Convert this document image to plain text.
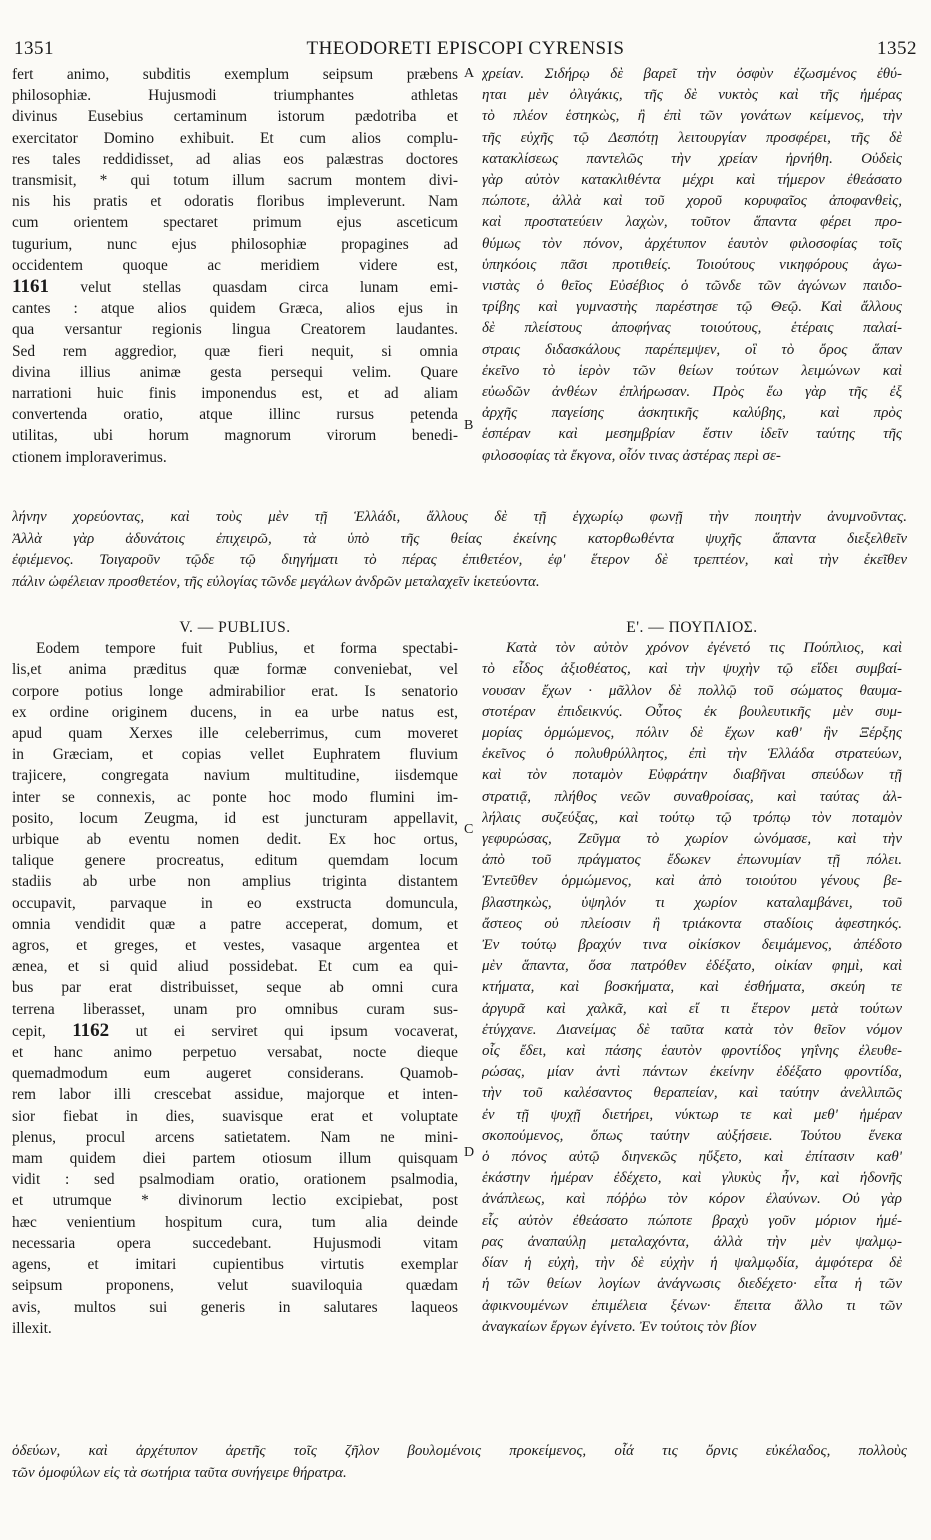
1351	THEODORETI EPISCOPI CYRENSIS	1352
A
B
C
D
fert animo, subditis exemplum seipsum præbens
philosophiæ. Hujusmodi triumphantes athletas
divinus Eusebius certaminum istorum pædotriba et
exercitator Domino exhibuit. Et cum alios complu-
res tales reddidisset, ad alias eos palæstras doctores
transmisit, * qui totum illum sacrum montem divi-
nis his pratis et odoratis floribus impleverunt. Nam
cum orientem spectaret primum ejus asceticum
tugurium, nunc ejus philosophiæ propagines ad
occidentem quoque ac meridiem videre est,
1161 velut stellas quasdam circa lunam emi-
cantes : atque alios quidem Græca, alios ejus in
qua versantur regionis lingua Creatorem laudantes.
Sed rem aggredior, quæ fieri nequit, si omnia
divina illius animæ gesta persequi velim. Quare
narrationi huic finis imponendus est, et ad aliam
convertenda oratio, atque illinc rursus petenda
utilitas, ubi horum magnorum virorum benedi-
ctionem imploraverimus.
χρείαν. Σιδήρῳ δὲ βαρεῖ τὴν ὀσφὺν ἐζωσμένος ἐθύ-
ηται μὲν ὀλιγάκις, τῆς δὲ νυκτὸς καὶ τῆς ἡμέρας
τὸ πλέον ἑστηκὼς, ἢ ἐπὶ τῶν γονάτων κείμενος, τὴν
τῆς εὐχῆς τῷ Δεσπότῃ λειτουργίαν προσφέρει, τῆς δὲ
κατακλίσεως παντελῶς τὴν χρείαν ἠρνήθη. Οὐδεὶς
γὰρ αὐτὸν κατακλιθέντα μέχρι καὶ τήμερον ἐθεάσατο
πώποτε, ἀλλὰ καὶ τοῦ χοροῦ κορυφαῖος ἀποφανθεὶς,
καὶ προστατεύειν λαχὼν, τοῦτον ἅπαντα φέρει προ-
θύμως τὸν πόνον, ἀρχέτυπον ἑαυτὸν φιλοσοφίας τοῖς
ὑπηκόοις πᾶσι προτιθείς. Τοιούτους νικηφόρους ἀγω-
νιστὰς ὁ θεῖος Εὐσέβιος ὁ τῶνδε τῶν ἀγώνων παιδο-
τρίβης καὶ γυμναστὴς παρέστησε τῷ Θεῷ. Καὶ ἄλλους
δὲ πλείστους ἀποφήνας τοιούτους, ἑτέραις παλαί-
στραις διδασκάλους παρέπεμψεν, οἳ τὸ ὄρος ἅπαν
ἐκεῖνο τὸ ἱερὸν τῶν θείων τούτων λειμώνων καὶ
εὐωδῶν ἀνθέων ἐπλήρωσαν. Πρὸς ἕω γὰρ τῆς ἐξ
ἀρχῆς παγείσης ἀσκητικῆς καλύβης, καὶ πρὸς
ἑσπέραν καὶ μεσημβρίαν ἔστιν ἰδεῖν ταύτης τῆς
φιλοσοφίας τὰ ἔκγονα, οἷόν τινας ἀστέρας περὶ σε-
λήνην χορεύοντας, καὶ τοὺς μὲν τῇ Ἑλλάδι, ἄλλους δὲ τῇ ἐγχωρίῳ φωνῇ τὴν ποιητὴν ἀνυμνοῦντας.
Ἀλλὰ γὰρ ἀδυνάτοις ἐπιχειρῶ, τὰ ὑπὸ τῆς θείας ἐκείνης κατορθωθέντα ψυχῆς ἅπαντα διεξελθεῖν
ἐφιέμενος. Τοιγαροῦν τῷδε τῷ διηγήματι τὸ πέρας ἐπιθετέον, ἐφ' ἕτερον δὲ τρεπτέον, καὶ τὴν ἐκεῖθεν
πάλιν ὠφέλειαν προσθετέον, τῆς εὐλογίας τῶνδε μεγάλων ἀνδρῶν μεταλαχεῖν ἱκετεύοντα.
V. — PUBLIUS.
Eodem tempore fuit Publius, et forma spectabi-
lis,et anima præditus quæ formæ conveniebat, vel
corpore potius longe admirabilior erat. Is senatorio
ex ordine originem ducens, in ea urbe natus est,
apud quam Xerxes ille celeberrimus, cum moveret
in Græciam, et copias vellet Euphratem fluvium
trajicere, congregata navium multitudine, iisdemque
inter se connexis, ac ponte hoc modo flumini im-
posito, locum Zeugma, id est juncturam appellavit,
urbique ab eventu nomen dedit. Ex hoc ortus,
talique genere procreatus, editum quemdam locum
stadiis ab urbe non amplius triginta distantem
occupavit, parvaque in eo exstructa domuncula,
omnia vendidit quæ a patre acceperat, domum, et
agros, et greges, et vestes, vasaque argentea et
ænea, et si quid aliud possidebat. Et cum ea qui-
bus par erat distribuisset, seque ab omni cura
terrena liberasset, unam pro omnibus curam sus-
cepit, 1162 ut ei serviret qui ipsum vocaverat,
et hanc animo perpetuo versabat, nocte dieque
quemadmodum eum augeret considerans. Quamob-
rem labor illi crescebat assidue, majorque et inten-
sior fiebat in dies, suavisque erat et voluptate
plenus, procul arcens satietatem. Nam ne mini-
mam quidem diei partem otiosum illum quisquam
vidit : sed psalmodiam oratio, orationem psalmodia,
et utrumque * divinorum lectio excipiebat, post
hæc venientium hospitum cura, tum alia deinde
necessaria opera succedebant. Hujusmodi vitam
agens, et imitari cupientibus virtutis exemplar
seipsum proponens, velut suaviloquia quædam
avis, multos sui generis in salutares laqueos
illexit.
Ε'. — ΠΟΥΠΛΙΟΣ.
Κατὰ τὸν αὐτὸν χρόνον ἐγένετό τις Πούπλιος, καὶ
τὸ εἶδος ἀξιοθέατος, καὶ τὴν ψυχὴν τῷ εἴδει συμβαί-
νουσαν ἔχων · μᾶλλον δὲ πολλῷ τοῦ σώματος θαυμα-
στοτέραν ἐπιδεικνύς. Οὗτος ἐκ βουλευτικῆς μὲν συμ-
μορίας ὁρμώμενος, πόλιν δὲ ἔχων καθ' ἣν Ξέρξης
ἐκεῖνος ὁ πολυθρύλλητος, ἐπὶ τὴν Ἑλλάδα στρατεύων,
καὶ τὸν ποταμὸν Εὐφράτην διαβῆναι σπεύδων τῇ
στρατιᾷ, πλήθος νεῶν συναθροίσας, καὶ ταύτας ἀλ-
λήλαις συζεύξας, καὶ τούτῳ τῷ τρόπῳ τὸν ποταμὸν
γεφυρώσας, Ζεῦγμα τὸ χωρίον ὠνόμασε, καὶ τὴν
ἀπὸ τοῦ πράγματος ἔδωκεν ἐπωνυμίαν τῇ πόλει.
Ἐντεῦθεν ὁρμώμενος, καὶ ἀπὸ τοιούτου γένους βε-
βλαστηκὼς, ὑψηλόν τι χωρίον καταλαμβάνει, τοῦ
ἄστεος οὐ πλείοσιν ἢ τριάκοντα σταδίοις ἀφεστηκός.
Ἐν τούτῳ βραχύν τινα οἰκίσκον δειμάμενος, ἀπέδοτο
μὲν ἅπαντα, ὅσα πατρόθεν ἐδέξατο, οἰκίαν φημὶ, καὶ
κτήματα, καὶ βοσκήματα, καὶ ἐσθήματα, σκεύη τε
ἀργυρᾶ καὶ χαλκᾶ, καὶ εἴ τι ἕτερον μετὰ τούτων
ἐτύγχανε. Διανείμας δὲ ταῦτα κατὰ τὸν θεῖον νόμον
οἷς ἔδει, καὶ πάσης ἑαυτὸν φροντίδος γηΐνης ἐλευθε-
ρώσας, μίαν ἀντὶ πάντων ἐκείνην ἐδέξατο φροντίδα,
τὴν τοῦ καλέσαντος θεραπείαν, καὶ ταύτην ἀνελλιπῶς
ἐν τῇ ψυχῇ διετήρει, νύκτωρ τε καὶ μεθ' ἡμέραν
σκοπούμενος, ὅπως ταύτην αὐξήσειε. Τούτου ἕνεκα
ὁ πόνος αὐτῷ διηνεκῶς ηὔξετο, καὶ ἐπίτασιν καθ'
ἑκάστην ἡμέραν ἐδέχετο, καὶ γλυκὺς ἦν, καὶ ἡδονῆς
ἀνάπλεως, καὶ πόῤῥω τὸν κόρον ἐλαύνων. Οὐ γὰρ
εἶς αὐτὸν ἐθεάσατο πώποτε βραχὺ γοῦν μόριον ἡμέ-
ρας ἀναπαύλῃ μεταλαχόντα, ἀλλὰ τὴν μὲν ψαλμῳ-
δίαν ἡ εὐχὴ, τὴν δὲ εὐχὴν ἡ ψαλμῳδία, ἀμφότερα δὲ
ἡ τῶν θείων λογίων ἀνάγνωσις διεδέχετο· εἶτα ἡ τῶν
ἀφικνουμένων ἐπιμέλεια ξένων· ἔπειτα ἄλλο τι τῶν
ἀναγκαίων ἔργων ἐγίνετο. Ἐν τούτοις τὸν βίον
ὁδεύων, καὶ ἀρχέτυπον ἀρετῆς τοῖς ζῆλον βουλομένοις προκείμενος, οἷά τις ὄρνις εὐκέλαδος, πολλοὺς
τῶν ὁμοφύλων εἰς τὰ σωτήρια ταῦτα συνήγειρε θήρατρα.
